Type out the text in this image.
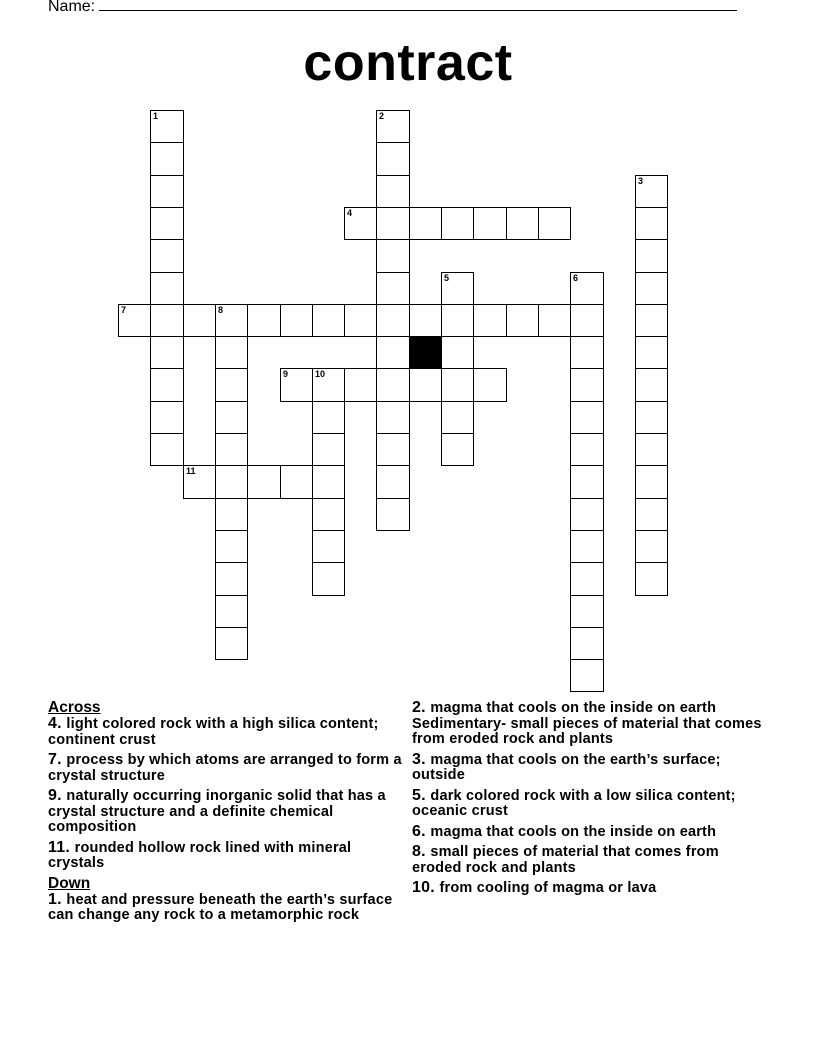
Name:
contract
1	2
3
4
5	6
7	8
9	10
11
Across
4. light colored rock with a high silica content; continent crust
7. process by which atoms are arranged to form a crystal structure
9. naturally occurring inorganic solid that has a crystal structure and a definite chemical composition
11. rounded hollow rock lined with mineral crystals
Down
1. heat and pressure beneath the earth’s surface can change any rock to a metamorphic rock
2. magma that cools on the inside on earth Sedimentary- small pieces of material that comes from eroded rock and plants
3. magma that cools on the earth’s surface; outside
5. dark colored rock with a low silica content; oceanic crust
6. magma that cools on the inside on earth
8. small pieces of material that comes from eroded rock and plants
10. from cooling of magma or lava
